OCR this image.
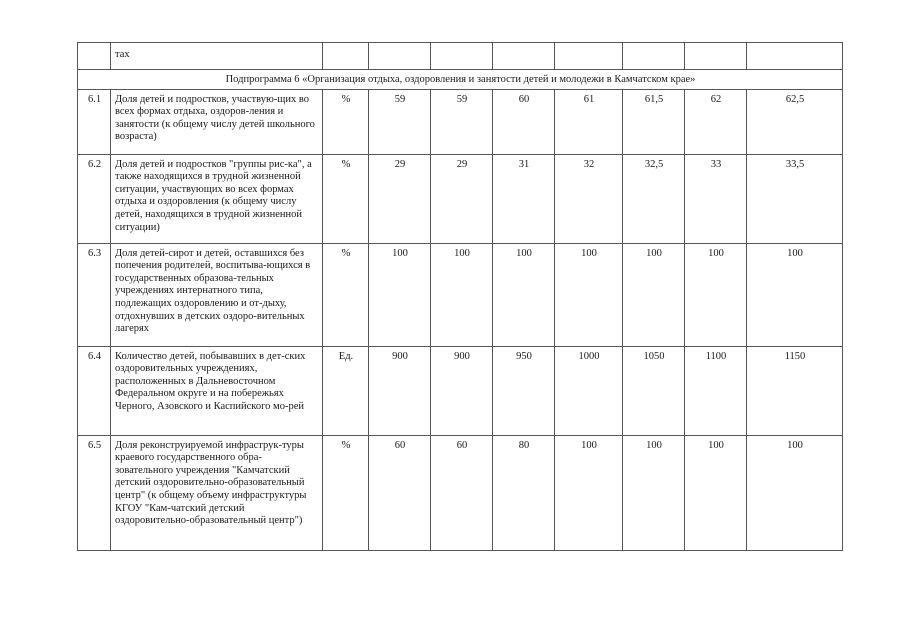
	тах								
Подпрограмма 6 «Организация отдыха, оздоровления и занятости детей и молодежи в Камчатском крае»									
6.1	Доля детей и подростков, участвую-щих во всех формах отдыха, оздоров-ления и занятости (к общему числу детей школьного возраста)	%	59	59	60	61	61,5	62	62,5
6.2	Доля детей и подростков "группы рис-ка", а также находящихся в трудной жизненной ситуации, участвующих во всех формах отдыха и оздоровления (к общему числу детей, находящихся в трудной жизненной ситуации)	%	29	29	31	32	32,5	33	33,5
6.3	Доля детей-сирот и детей, оставшихся без попечения родителей, воспитыва-ющихся в государственных образова-тельных учреждениях интернатного типа, подлежащих оздоровлению и от-дыху, отдохнувших в детских оздоро-вительных лагерях	%	100	100	100	100	100	100	100
6.4	Количество детей, побывавших в дет-ских оздоровительных учреждениях, расположенных в Дальневосточном Федеральном округе и на побережьях Черного, Азовского и Каспийского мо-рей	Ед.	900	900	950	1000	1050	1100	1150
6.5	Доля реконструируемой инфраструк-туры краевого государственного обра-зовательного учреждения "Камчатский детский оздоровительно-образовательный центр" (к общему объему инфраструктуры КГОУ "Кам-чатский детский оздоровительно-образовательный центр")	%	60	60	80	100	100	100	100
